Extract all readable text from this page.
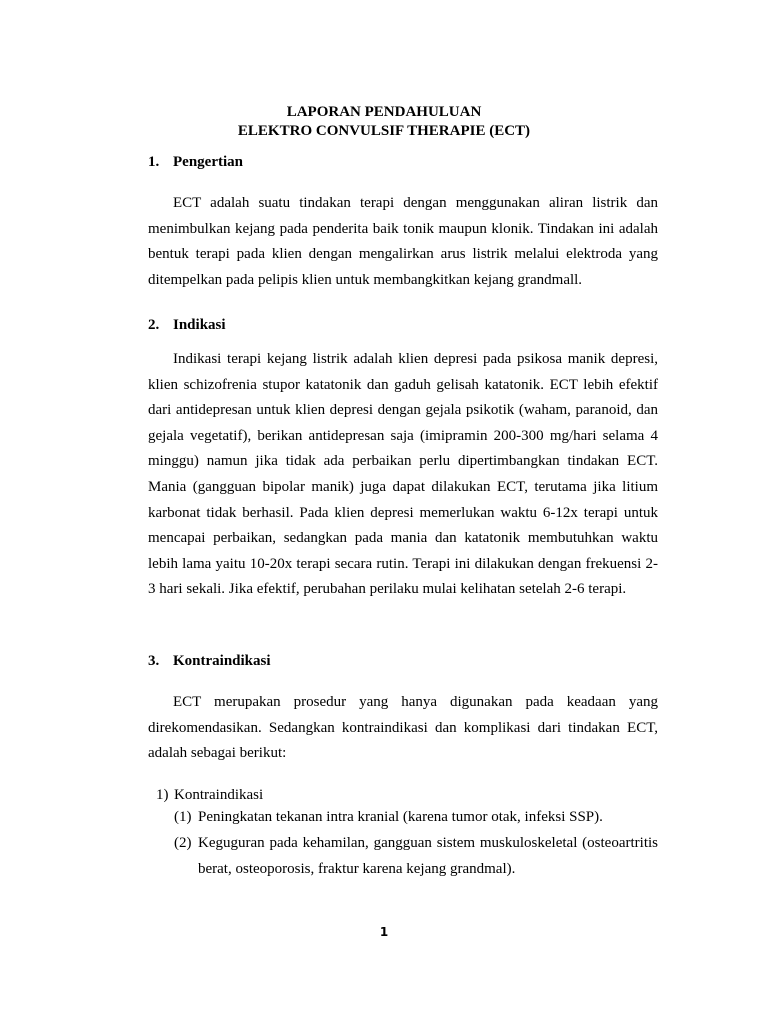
LAPORAN PENDAHULUAN
ELEKTRO CONVULSIF THERAPIE (ECT)
1. Pengertian

ECT adalah suatu tindakan terapi dengan menggunakan aliran listrik dan menimbulkan kejang pada penderita baik tonik maupun klonik. Tindakan ini adalah bentuk terapi pada klien dengan mengalirkan arus listrik melalui elektroda yang ditempelkan pada pelipis klien untuk membangkitkan kejang grandmall.

2. Indikasi

Indikasi terapi kejang listrik adalah klien depresi pada psikosa manik depresi, klien schizofrenia stupor katatonik dan gaduh gelisah katatonik. ECT lebih efektif dari antidepresan untuk klien depresi dengan gejala psikotik (waham, paranoid, dan gejala vegetatif), berikan antidepresan saja (imipramin 200-300 mg/hari selama 4 minggu) namun jika tidak ada perbaikan perlu dipertimbangkan tindakan ECT. Mania (gangguan bipolar manik) juga dapat dilakukan ECT, terutama jika litium karbonat tidak berhasil. Pada klien depresi memerlukan waktu 6-12x terapi untuk mencapai perbaikan, sedangkan pada mania dan katatonik membutuhkan waktu lebih lama yaitu 10-20x terapi secara rutin. Terapi ini dilakukan dengan frekuensi 2-3 hari sekali. Jika efektif, perubahan perilaku mulai kelihatan setelah 2-6 terapi.

3. Kontraindikasi

ECT merupakan prosedur yang hanya digunakan pada keadaan yang direkomendasikan. Sedangkan kontraindikasi dan komplikasi dari tindakan ECT, adalah sebagai berikut:

1) Kontraindikasi
(1) Peningkatan tekanan intra kranial (karena tumor otak, infeksi SSP).
(2) Keguguran pada kehamilan, gangguan sistem muskuloskeletal (osteoartritis berat, osteoporosis, fraktur karena kejang grandmal).
1
